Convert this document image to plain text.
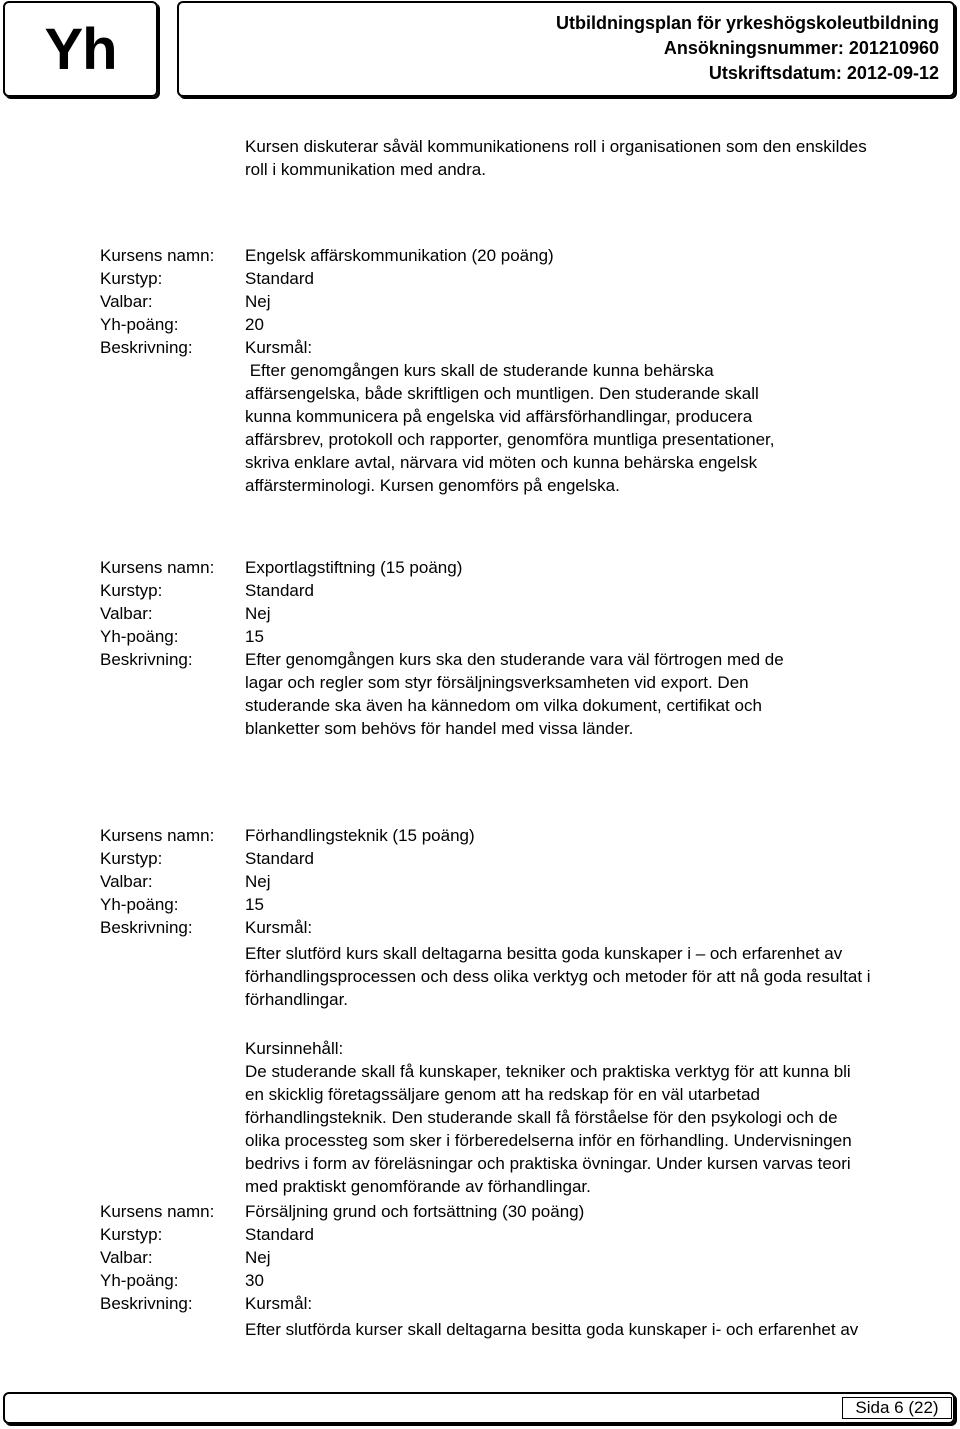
Yh	Utbildningsplan för yrkeshögskoleutbildning
Ansökningsnummer: 201210960
Utskriftsdatum: 2012-09-12
Kursen diskuterar såväl kommunikationens roll i organisationen som den enskildes
roll i kommunikation med andra.
Kursens namn:	Engelsk affärskommunikation (20 poäng)
Kurstyp:	Standard
Valbar:	Nej
Yh-poäng:	20
Beskrivning:	Kursmål:
Efter genomgången kurs skall de studerande kunna behärska
affärsengelska, både skriftligen och muntligen. Den studerande skall
kunna kommunicera på engelska vid affärsförhandlingar, producera
affärsbrev, protokoll och rapporter, genomföra muntliga presentationer,
skriva enklare avtal, närvara vid möten och kunna behärska engelsk
affärsterminologi. Kursen genomförs på engelska.
Kursens namn:	Exportlagstiftning (15 poäng)
Kurstyp:	Standard
Valbar:	Nej
Yh-poäng:	15
Beskrivning:	Efter genomgången kurs ska den studerande vara väl förtrogen med de
lagar och regler som styr försäljningsverksamheten vid export. Den
studerande ska även ha kännedom om vilka dokument, certifikat och
blanketter som behövs för handel med vissa länder.
Kursens namn:	Förhandlingsteknik (15 poäng)
Kurstyp:	Standard
Valbar:	Nej
Yh-poäng:	15
Beskrivning:	Kursmål:
Efter slutförd kurs skall deltagarna besitta goda kunskaper i – och erfarenhet av
förhandlingsprocessen och dess olika verktyg och metoder för att nå goda resultat i
förhandlingar.
Kursinnehåll:
De studerande skall få kunskaper, tekniker och praktiska verktyg för att kunna bli
en skicklig företagssäljare genom att ha redskap för en väl utarbetad
förhandlingsteknik. Den studerande skall få förståelse för den psykologi och de
olika processteg som sker i förberedelserna inför en förhandling. Undervisningen
bedrivs i form av föreläsningar och praktiska övningar. Under kursen varvas teori
med praktiskt genomförande av förhandlingar.
Kursens namn:	Försäljning grund och fortsättning (30 poäng)
Kurstyp:	Standard
Valbar:	Nej
Yh-poäng:	30
Beskrivning:	Kursmål:
Efter slutförda kurser skall deltagarna besitta goda kunskaper i- och erfarenhet av
Sida 6 (22)
